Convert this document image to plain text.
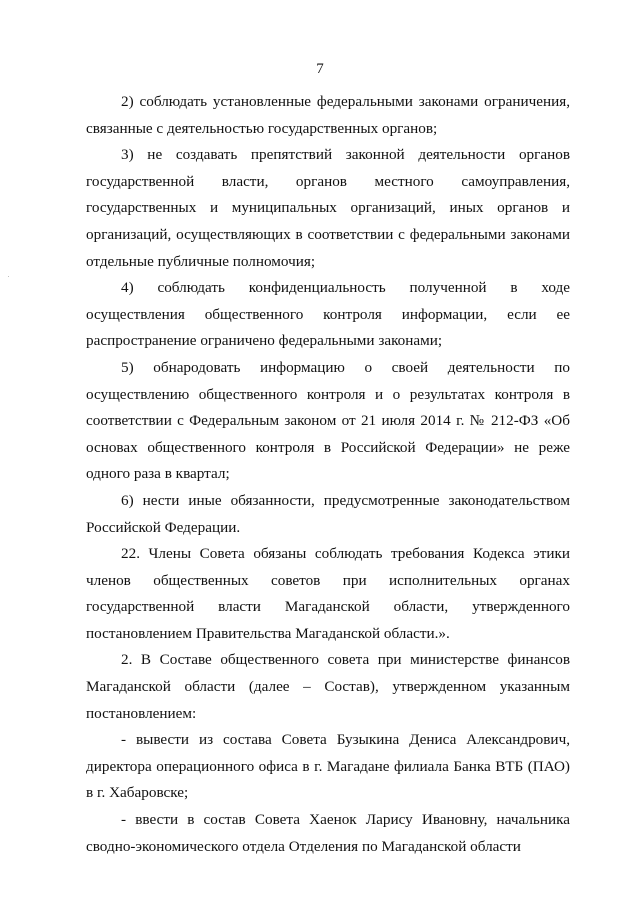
7

2) соблюдать установленные федеральными законами ограничения, связанные с деятельностью государственных органов;

3) не создавать препятствий законной деятельности органов государственной власти, органов местного самоуправления, государственных и муниципальных организаций, иных органов и организаций, осуществляющих в соответствии с федеральными законами отдельные публичные полномочия;

4) соблюдать конфиденциальность полученной в ходе осуществления общественного контроля информации, если ее распространение ограничено федеральными законами;

5) обнародовать информацию о своей деятельности по осуществлению общественного контроля и о результатах контроля в соответствии с Федеральным законом от 21 июля 2014 г. № 212-ФЗ «Об основах общественного контроля в Российской Федерации» не реже одного раза в квартал;

6) нести иные обязанности, предусмотренные законодательством Российской Федерации.

22. Члены Совета обязаны соблюдать требования Кодекса этики членов общественных советов при исполнительных органах государственной власти Магаданской области, утвержденного постановлением Правительства Магаданской области.».

2. В Составе общественного совета при министерстве финансов Магаданской области (далее – Состав), утвержденном указанным постановлением:

- вывести из состава Совета Бузыкина Дениса Александрович, директора операционного офиса в г. Магадане филиала Банка ВТБ (ПАО) в г. Хабаровске;

- ввести в состав Совета Хаенок Ларису Ивановну, начальника сводно-экономического отдела Отделения по Магаданской области
